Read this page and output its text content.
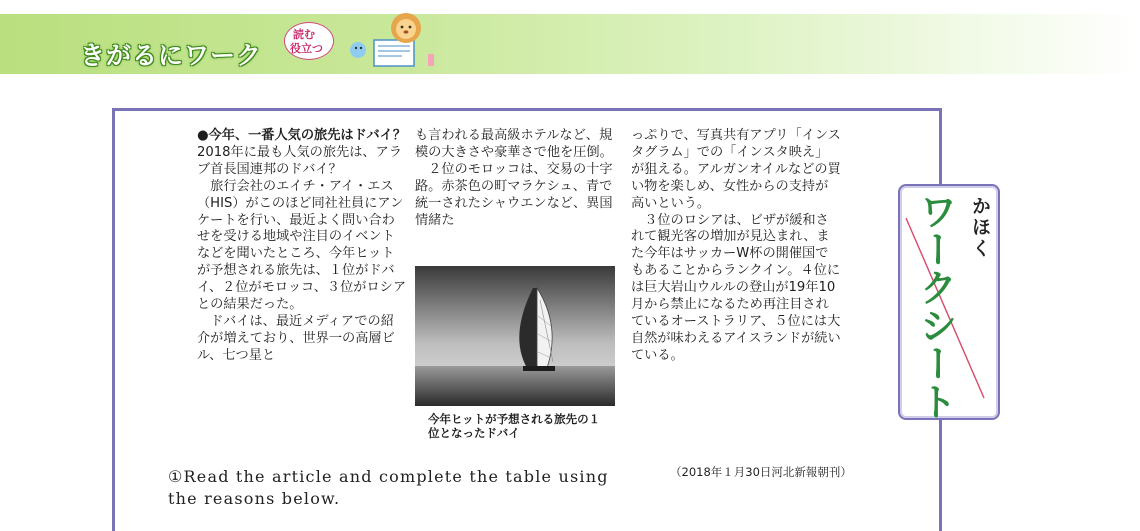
きがるにワーク
読む
役立つ

●今年、一番人気の旅先はドバイ？

2018年に最も人気の旅先は、アラブ首長国連邦のドバイ？

旅行会社のエイチ・アイ・エス（HIS）がこのほど同社社員にアンケートを行い、最近よく問い合わせを受ける地域や注目のイベントなどを聞いたところ、今年ヒットが予想される旅先は、１位がドバイ、２位がモロッコ、３位がロシアとの結果だった。

ドバイは、最近メディアでの紹介が増えており、世界一の高層ビル、七つ星と

も言われる最高級ホテルなど、規模の大きさや豪華さで他を圧倒。

２位のモロッコは、交易の十字路。赤茶色の町マラケシュ、青で統一されたシャウエンなど、異国情緒た

今年ヒットが予想される旅先の１位となったドバイ

っぷりで、写真共有アプリ「インスタグラム」での「インスタ映え」が狙える。アルガンオイルなどの買い物を楽しめ、女性からの支持が高いという。

３位のロシアは、ビザが緩和されて観光客の増加が見込まれ、また今年はサッカーW杯の開催国でもあることからランクイン。４位には巨大岩山ウルルの登山が19年10月から禁止になるため再注目されているオーストラリア、５位には大自然が味わえるアイスランドが続いている。

（2018年１月30日河北新報朝刊）
①Read the article and complete the table using the reasons below.
かほく
ワークシート
